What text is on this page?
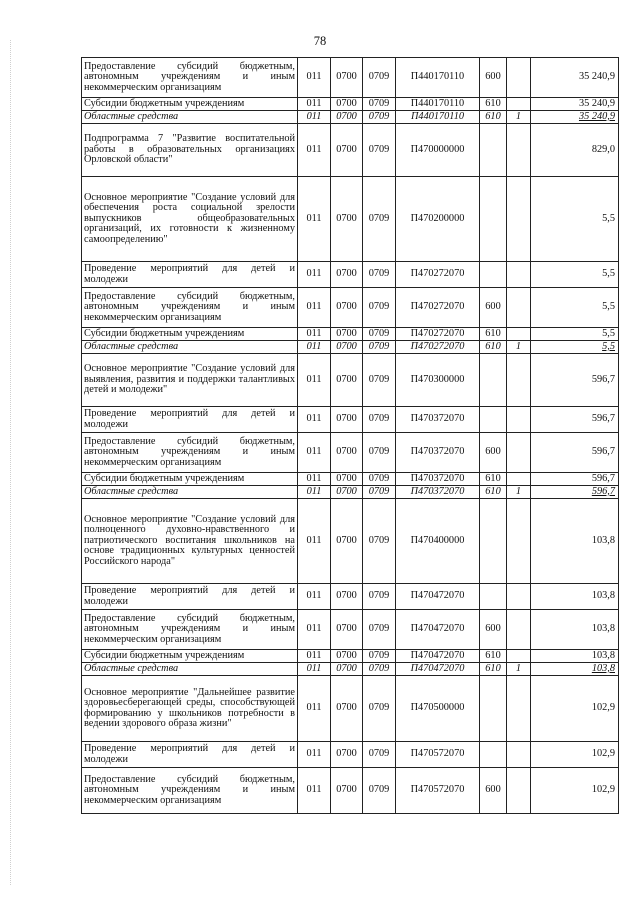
78
Предоставление субсидий бюджетным, автономным учреждениям и иным некоммерческим организациям	011	0700	0709	П440170110	600		35 240,9
Субсидии бюджетным учреждениям	011	0700	0709	П440170110	610		35 240,9
Областные средства	011	0700	0709	П440170110	610	1	35 240,9
Подпрограмма 7 "Развитие воспитательной работы в образовательных организациях Орловской области"	011	0700	0709	П470000000			829,0
Основное мероприятие "Создание условий для обеспечения роста социальной зрелости выпускников общеобразовательных организаций, их готовности к жизненному самоопределению"	011	0700	0709	П470200000			5,5
Проведение мероприятий для детей и молодежи	011	0700	0709	П470272070			5,5
Предоставление субсидий бюджетным, автономным учреждениям и иным некоммерческим организациям	011	0700	0709	П470272070	600		5,5
Субсидии бюджетным учреждениям	011	0700	0709	П470272070	610		5,5
Областные средства	011	0700	0709	П470272070	610	1	5,5
Основное мероприятие "Создание условий для выявления, развития и поддержки талантливых детей и молодежи"	011	0700	0709	П470300000			596,7
Проведение мероприятий для детей и молодежи	011	0700	0709	П470372070			596,7
Предоставление субсидий бюджетным, автономным учреждениям и иным некоммерческим организациям	011	0700	0709	П470372070	600		596,7
Субсидии бюджетным учреждениям	011	0700	0709	П470372070	610		596,7
Областные средства	011	0700	0709	П470372070	610	1	596,7
Основное мероприятие "Создание условий для полноценного духовно-нравственного и патриотического воспитания школьников на основе традиционных культурных ценностей Российского народа"	011	0700	0709	П470400000			103,8
Проведение мероприятий для детей и молодежи	011	0700	0709	П470472070			103,8
Предоставление субсидий бюджетным, автономным учреждениям и иным некоммерческим организациям	011	0700	0709	П470472070	600		103,8
Субсидии бюджетным учреждениям	011	0700	0709	П470472070	610		103,8
Областные средства	011	0700	0709	П470472070	610	1	103,8
Основное мероприятие "Дальнейшее развитие здоровьесберегающей среды, способствующей формированию у школьников потребности в ведении здорового образа жизни"	011	0700	0709	П470500000			102,9
Проведение мероприятий для детей и молодежи	011	0700	0709	П470572070			102,9
Предоставление субсидий бюджетным, автономным учреждениям и иным некоммерческим организациям	011	0700	0709	П470572070	600		102,9
